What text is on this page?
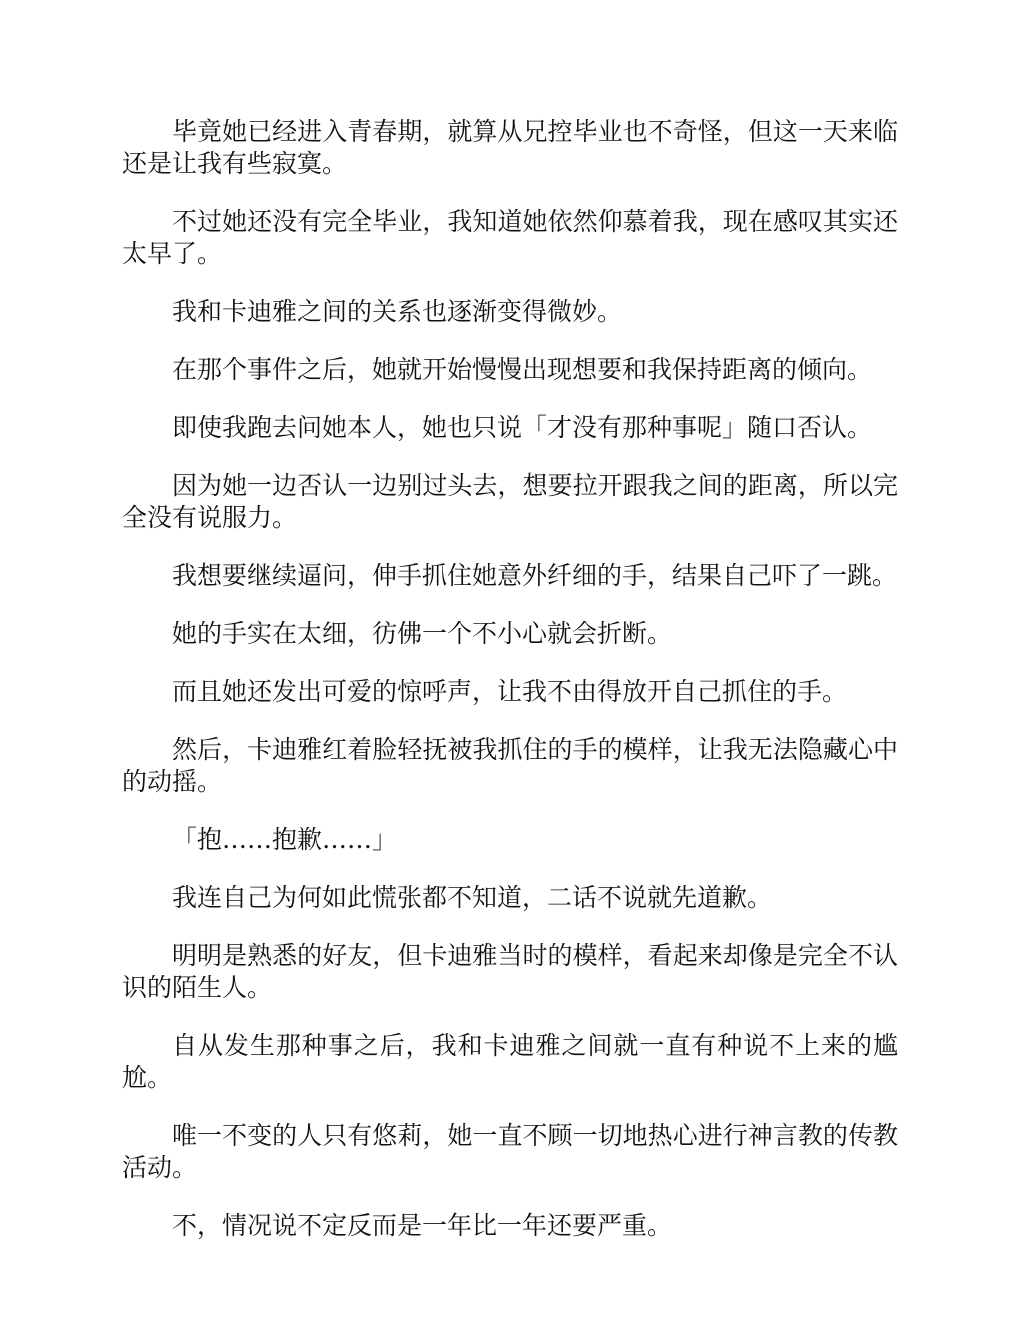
毕竟她已经进入青春期，就算从兄控毕业也不奇怪，但这一天来临还是让我有些寂寞。

不过她还没有完全毕业，我知道她依然仰慕着我，现在感叹其实还太早了。

我和卡迪雅之间的关系也逐渐变得微妙。

在那个事件之后，她就开始慢慢出现想要和我保持距离的倾向。

即使我跑去问她本人，她也只说「才没有那种事呢」随口否认。

因为她一边否认一边别过头去，想要拉开跟我之间的距离，所以完全没有说服力。

我想要继续逼问，伸手抓住她意外纤细的手，结果自己吓了一跳。

她的手实在太细，彷佛一个不小心就会折断。

而且她还发出可爱的惊呼声，让我不由得放开自己抓住的手。

然后，卡迪雅红着脸轻抚被我抓住的手的模样，让我无法隐藏心中的动摇。

「抱……抱歉……」

我连自己为何如此慌张都不知道，二话不说就先道歉。

明明是熟悉的好友，但卡迪雅当时的模样，看起来却像是完全不认识的陌生人。

自从发生那种事之后，我和卡迪雅之间就一直有种说不上来的尴尬。

唯一不变的人只有悠莉，她一直不顾一切地热心进行神言教的传教活动。

不，情况说不定反而是一年比一年还要严重。
